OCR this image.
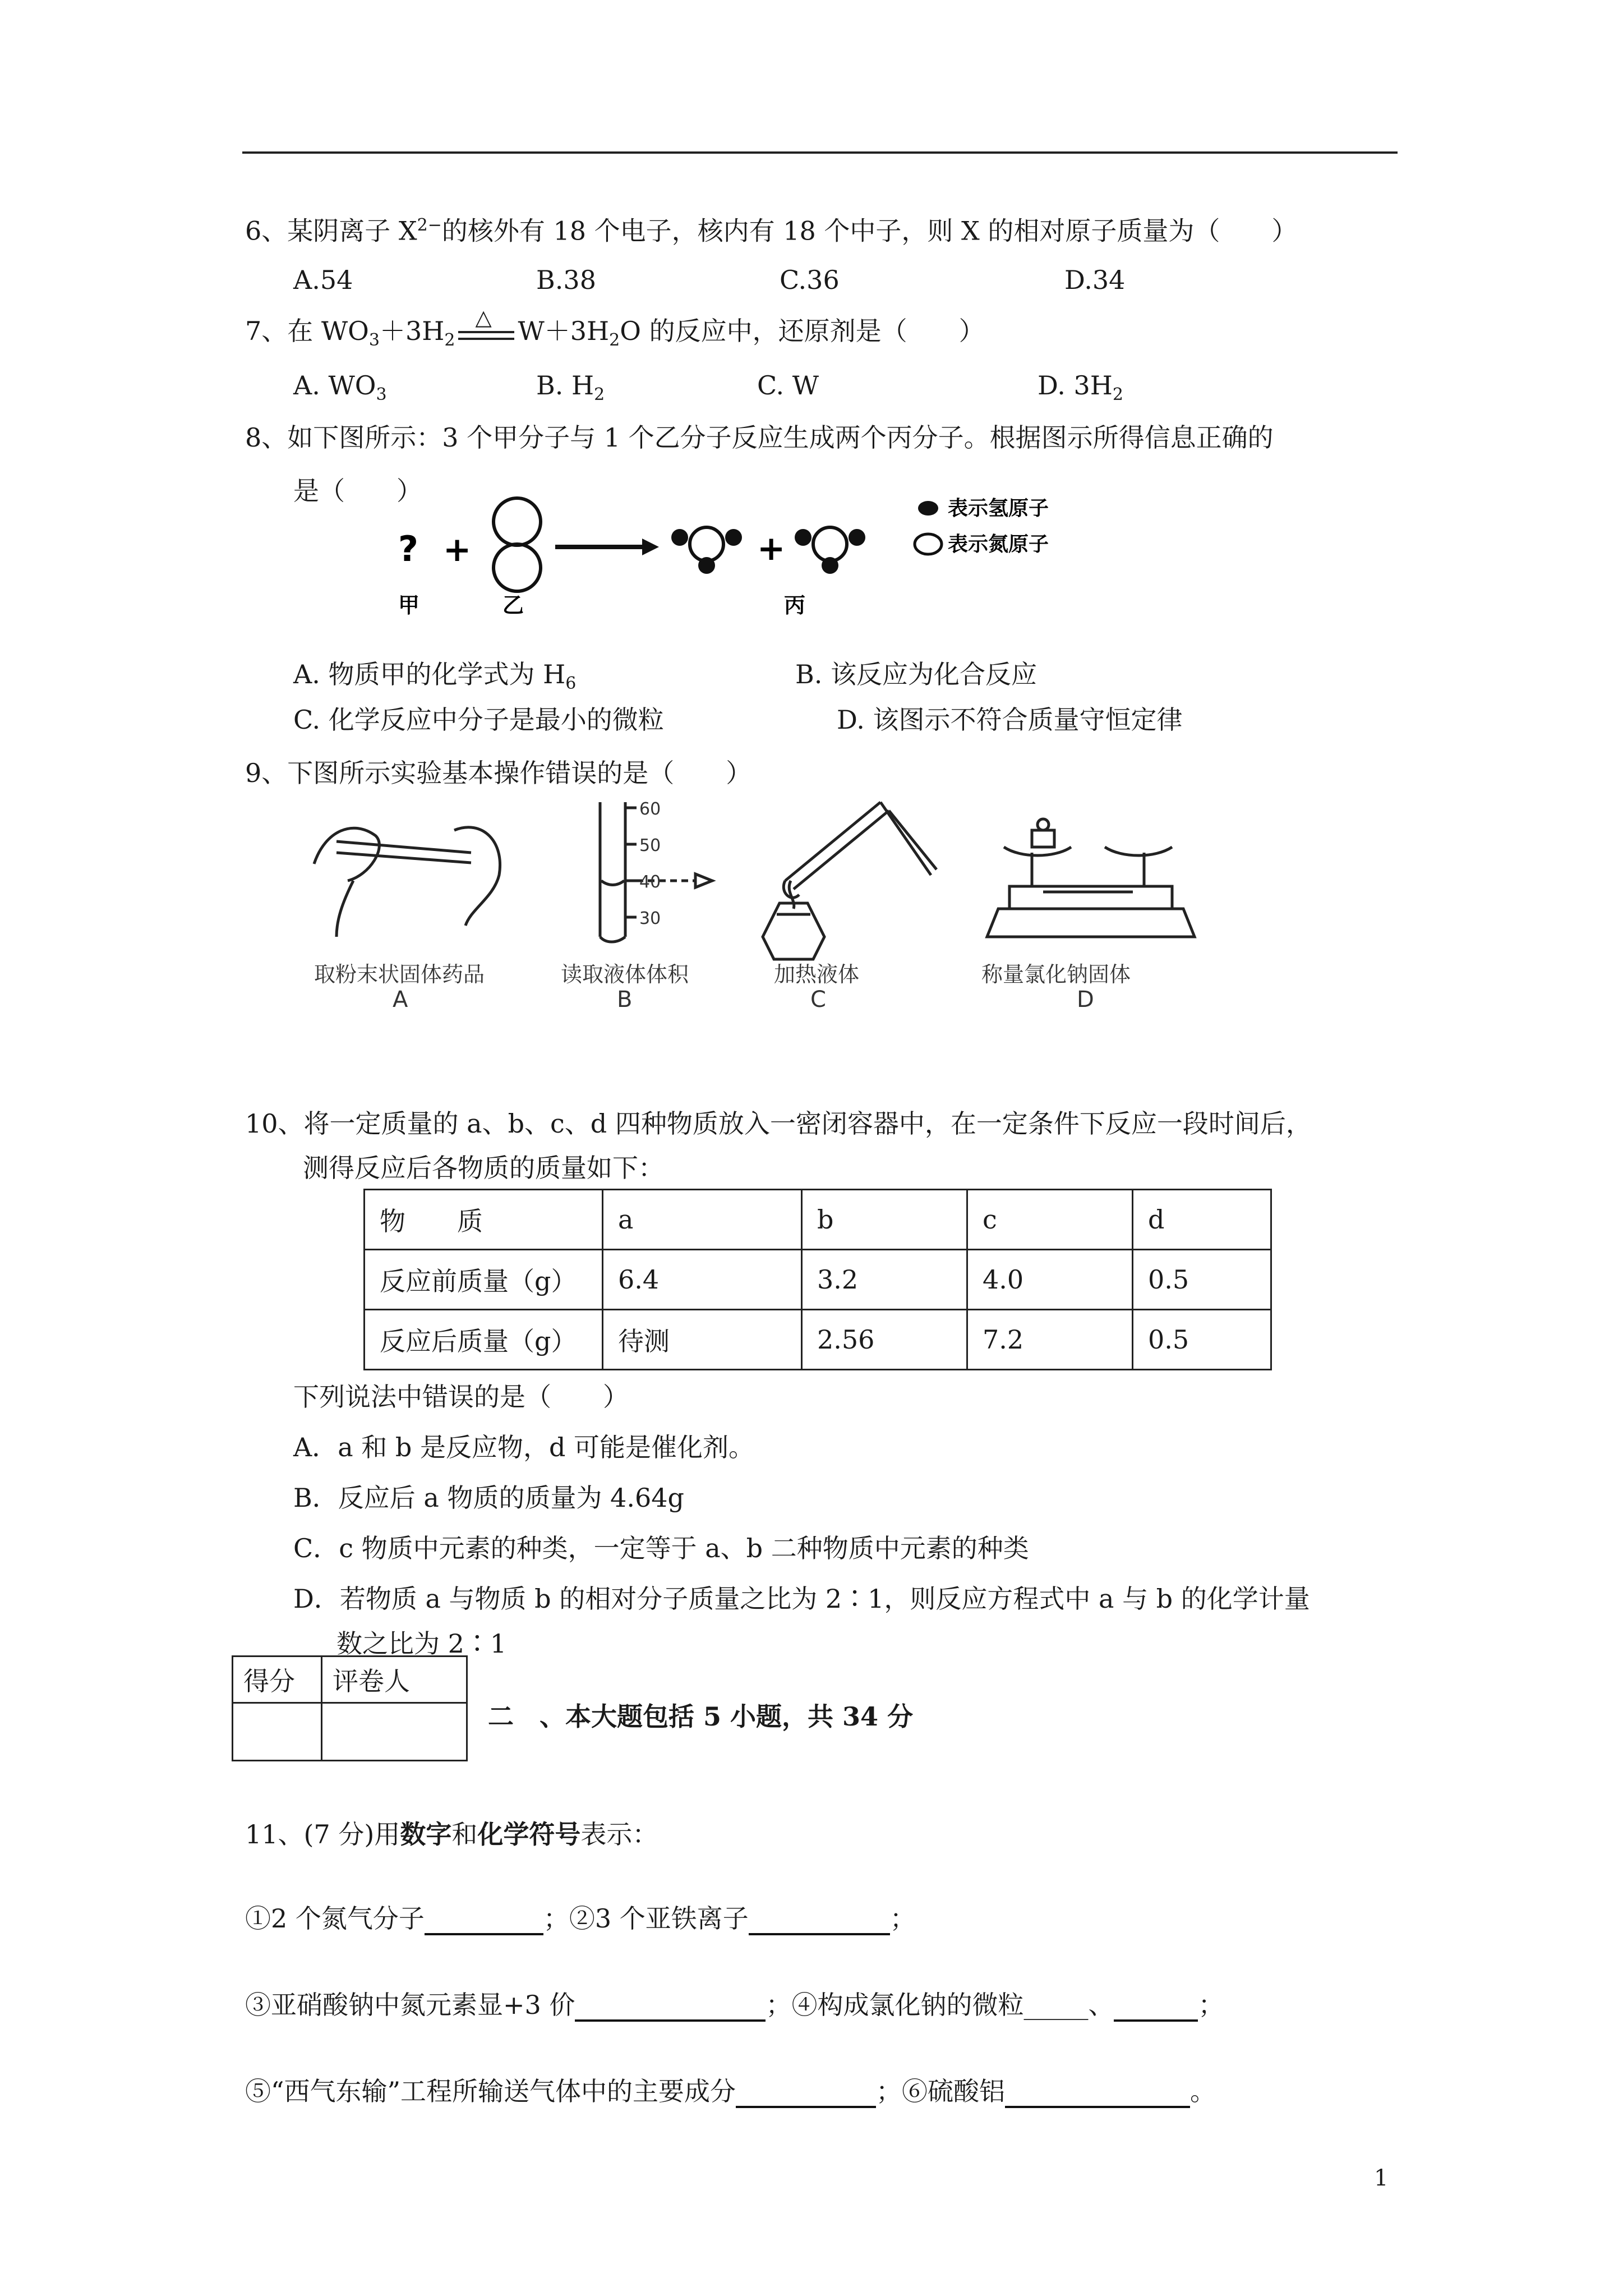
6、某阴离子 $X^{2-}$的核外有 18 个电子，核内有 18 个中子，则 X 的相对原子质量为（　　）
A.54	B.38	C.36	D.34
7、在 $WO_3+3H_2$
△ $W+3H_2O$ 的反应中，还原剂是（　　）
A. $WO_3$	B. $H_2$	C. W	D. $3H_2$
8、如下图所示：3 个甲分子与 1 个乙分子反应生成两个丙分子。根据图示所得信息正确的
是（　　）
? +	+
表示氢原子
表示氮原子
甲	乙	丙
A. 物质甲的化学式为 $H_6$	B. 该反应为化合反应
C. 化学反应中分子是最小的微粒	D. 该图示不符合质量守恒定律
9、下图所示实验基本操作错误的是（　　）
取粉末状固体药品
A
60
50
40
30
读取液体体积
B
加热液体
C
称量氯化钠固体
D
10、将一定质量的 a、b、c、d 四种物质放入一密闭容器中，在一定条件下反应一段时间后，
测得反应后各物质的质量如下：
物　　质	a	b	c	d
反应前质量（g）	6.4	3.2	4.0	0.5
反应后质量（g）	待测	2.56	7.2	0.5
下列说法中错误的是（　　）
A．a 和 b 是反应物，d 可能是催化剂。
B．反应后 a 物质的质量为 4.64g
C．c 物质中元素的种类，一定等于 a、b 二种物质中元素的种类
D．若物质 a 与物质 b 的相对分子质量之比为 2∶1，则反应方程式中 a 与 b 的化学计量
数之比为 2∶1
得分	评卷人

二　、本大题包括 5 小题，共 34 分
11、(7 分)用数字和化学符号表示：
①2 个氮气分子	；②3 个亚铁离子	；
③亚硝酸钠中氮元素显+3 价	；④构成氯化钠的微粒_____、	；
⑤“西气东输”工程所输送气体中的主要成分	；⑥硫酸铝	。
1
